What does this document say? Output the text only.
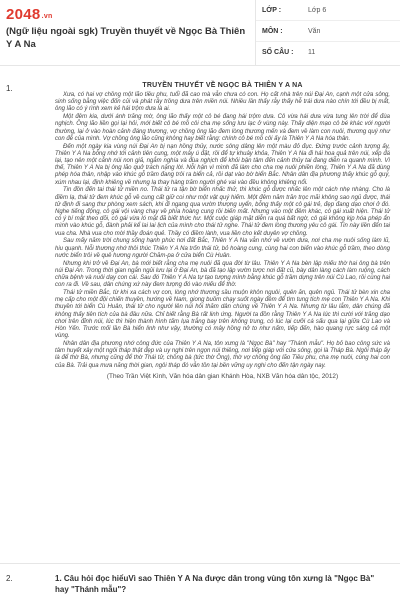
$2048_{.vn}$
(Ngữ liệu ngoài sgk) Truyền thuyết về Ngọc Bà Thiên Y A Na
LỚP :	Lớp 6
MÔN :	Văn
SỐ CÂU :	11
1.	TRUYỀN THUYẾT VỀ NGỌC BÀ THIÊN Y A NA

Xưa, có hai vợ chồng một lão tiều phu, tuổi đã cao mà vẫn chưa có con. Họ cất nhà trên núi Đại An, cạnh một cửa sông, sinh sống bằng việc đốn củi và phát rẫy trồng dưa trên miền núi. Nhiều lần thấy rẫy thấy hễ trái dưa nào chín tới đều bị mất, ông lão có ý rình xem kẻ hái trộm dưa là ai.

Một đêm kia, dưới ánh trăng mờ, ông lão thấy một cô bé đang hái trộm dưa. Cô vừa hái dưa vừa tung lên trời để đùa nghịch. Ông lão liền gọi lại hỏi, mới biết cô bé mồ côi cha mẹ sống lưu lạc ở vùng này. Thấy diện mạo cô bé khác với người thường, lại ở vào hoàn cảnh đáng thương, vợ chồng ông lão đem lòng thương mến và đem về làm con nuôi, thương quý như con đẻ của mình. Vợ chồng ông lão cũng không hay biết rằng: chính cô bé mồ côi ấy là Thiên Y A Na hóa thân.

Đến một ngày kia vùng núi Đại An bị nạn hồng thủy, nước sông dâng lên một màu đỏ đục. Đứng trước cảnh tượng ấy, Thiên Y A Na bỗng nhớ tới cảnh tiên cung, một mây ú đặt, rồi để tự khuây khỏa, Thiên Y A Na đi hái hoa quả trên núi, xếp đá lại, tạo nên một cảnh núi non giả, ngắm nghía và đùa nghịch để khỏi bận tâm đến cảnh thủy tai đang diễn ra quanh mình. Vì thế, Thiên Y A Na bị ông lão quở trách nặng lời. Nỗi hận vì mình đã làm cho cha mẹ nuôi phiền lòng, Thiên Y A Na đã dùng phép hóa thân, nhập vào khúc gỗ trầm đang trôi ra biển cả, rồi dạt vào bờ biển Bắc. Nhân dân địa phương thấy khúc gỗ quý, xúm nhau lại, định khiêng về nhưng lạ thay hàng trăm người ghé vai vào đều không khiêng nổi.

Tin đồn đến tai thái tử miền no. Thái tử ra tận bờ biển nhấc thử, thì khúc gỗ được nhấc lên một cách nhẹ nhàng. Cho là điềm lạ, thái tử đem khúc gỗ về cung cất giữ coi như một vật quý hiếm. Một đêm năm trăn trọc mãi không sao ngủ được, thái tử định đi sang thư phòng xem sách, khi đi ngang qua vườn thượng uyển, bỗng thấy một cô gái trẻ, đẹp đang dạo chơi ở đó. Nghe tiếng động, cô gái vội vàng chạy về phía hoàng cung rồi biến mất. Nhưng vào một đêm khác, cô gái xuất hiện. Thái tử có ý bí mật theo dõi, cô gái vừa ló mặt đã biết thức hư. Một cuộc giáp mặt diễn ra quá bất ngờ, cô gái không kịp hóa phép ẩn mình vào khúc gỗ, đành phải kể lai lai lịch của mình cho thái tử nghe. Thái tử đem lòng thương yêu cô gái. Tin này liền đến tai vua cha. Nhà vua cho mời thầy đoán quẻ. Thầy có điềm lành, vua liền cho kết duyên vợ chồng.

Sau mấy năm trời chung sống hạnh phúc nơi đất Bắc, Thiên Y A Na vẫn nhớ về vườn dưa, nơi cha mẹ nuôi sống làm lũ, hiu quạnh. Nỗi thương nhớ thôi thúc Thiên Y A Na trốn thái tử, bỏ hoàng cung, cùng hai con biến vào khúc gỗ trầm, theo dòng nước biển trôi về quê hương người Chăm-pa ở cửa biển Cù Huân.

Nhưng khi trở về Đại An, bà mới biết rằng cha mẹ nuôi đã qua đời từ lâu. Thiên Y A Na bèn lập miếu thờ hai ông bà trên núi Đại An. Trong thời gian ngắn ngủi lưu lại ở Đại An, bà đã tạo lập vườn tược nơi đất cũ, bày dân làng cách làm ruộng, cách chữa bệnh và nuôi dạy con cái. Sau đó Thiên Y A Na tự tạo tượng mình bằng khúc gỗ trầm dựng trên núi Cù Lao, rồi cùng hai con ra đi. Về sau, dân chúng xứ này đem tượng đó vào miếu để thờ.

Thái tử miền Bắc, từ khi xa cách vợ con, lòng nhớ thương sầu muộn khôn nguôi, quên ăn, quên ngủ. Thái tử bèn xin cha mẹ cấp cho một đội chiến thuyền, hướng về Nam, giong buồm chạy suốt ngày đêm để tìm tung tích mẹ con Thiên Y A Na. Khi thuyền tới biển Cù Huân, thái tử cho người lên núi hỏi thăm dân chúng về Thiên Y A Na. Nhưng từ lâu lắm, dân chúng đã không thấy tiên tích của bà đâu nữa. Chỉ biết rằng Bà rất linh ứng. Người ta đồn rằng Thiên Y A Na lúc thì cười với trăng dạo chơi trên đỉnh núi, lúc thì hiện thành hình tấm lụa trắng bay trên không trung, có lúc lại cưỡi cá sấu qua lại giữa Cù Lao và Hòn Yến. Trước mối lần Bà hiển linh như vậy, thường có mây hồng nở to như nấm, tiếp đến, hào quang rực sáng cả một vùng.

Nhân dân địa phương nhớ công đức của Thiên Y A Na, tôn xưng là "Ngọc Bà" hay "Thánh mẫu". Họ bỏ bao công sức và tâm huyết xây một ngôi tháp thật đẹp và uy nghi trên ngọn núi thiêng, nơi tiếp giáp với cửa sông, gọi là Tháp Bà. Ngôi tháp ấy là để thờ Bà, nhưng cũng để thờ Thái tử, chồng bà (tức thờ Ông), thờ vợ chồng ông lão Tiều phu, cha mẹ nuôi, cùng hai con của Bà. Trải qua mưa năng thời gian, ngôi tháp đó vẫn tồn tại bền vững uy nghi cho đến tận ngày nay.

(Theo Trần Việt Kình, Văn hóa dân gian Khánh Hòa, NXB Văn hóa dân tộc, 2012)
2.	1. Câu hỏi đọc hiểuVì sao Thiên Y A Na được dân trong vùng tôn xưng là "Ngọc Bà" hay "Thánh mẫu"?
